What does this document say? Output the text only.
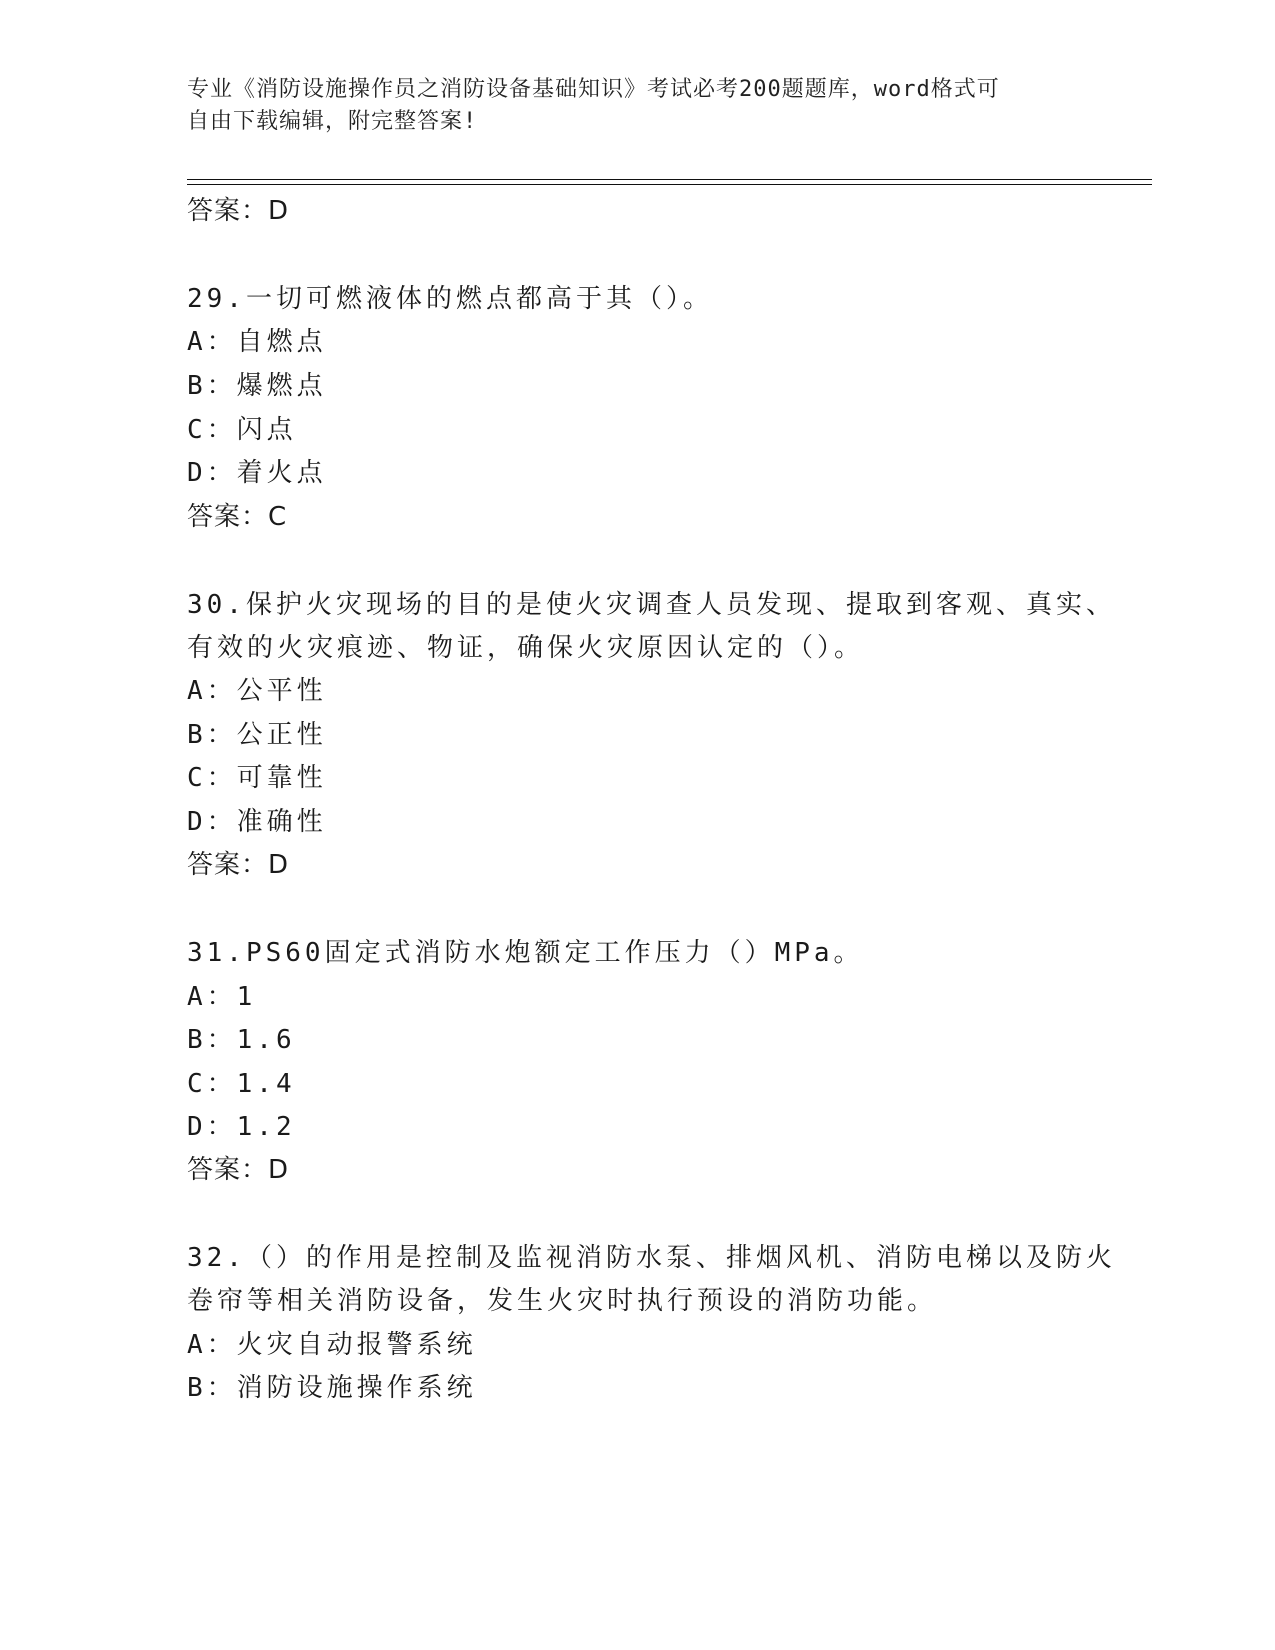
专业《消防设施操作员之消防设备基础知识》考试必考200题题库，word格式可
自由下载编辑，附完整答案!
答案：D
29.一切可燃液体的燃点都高于其（）。
A：自燃点
B：爆燃点
C：闪点
D：着火点
答案：C
30.保护火灾现场的目的是使火灾调查人员发现、提取到客观、真实、
有效的火灾痕迹、物证，确保火灾原因认定的（）。
A：公平性
B：公正性
C：可靠性
D：准确性
答案：D
31.PS60固定式消防水炮额定工作压力（）MPa。
A：1
B：1.6
C：1.4
D：1.2
答案：D
32.（）的作用是控制及监视消防水泵、排烟风机、消防电梯以及防火
卷帘等相关消防设备，发生火灾时执行预设的消防功能。
A：火灾自动报警系统
B：消防设施操作系统
